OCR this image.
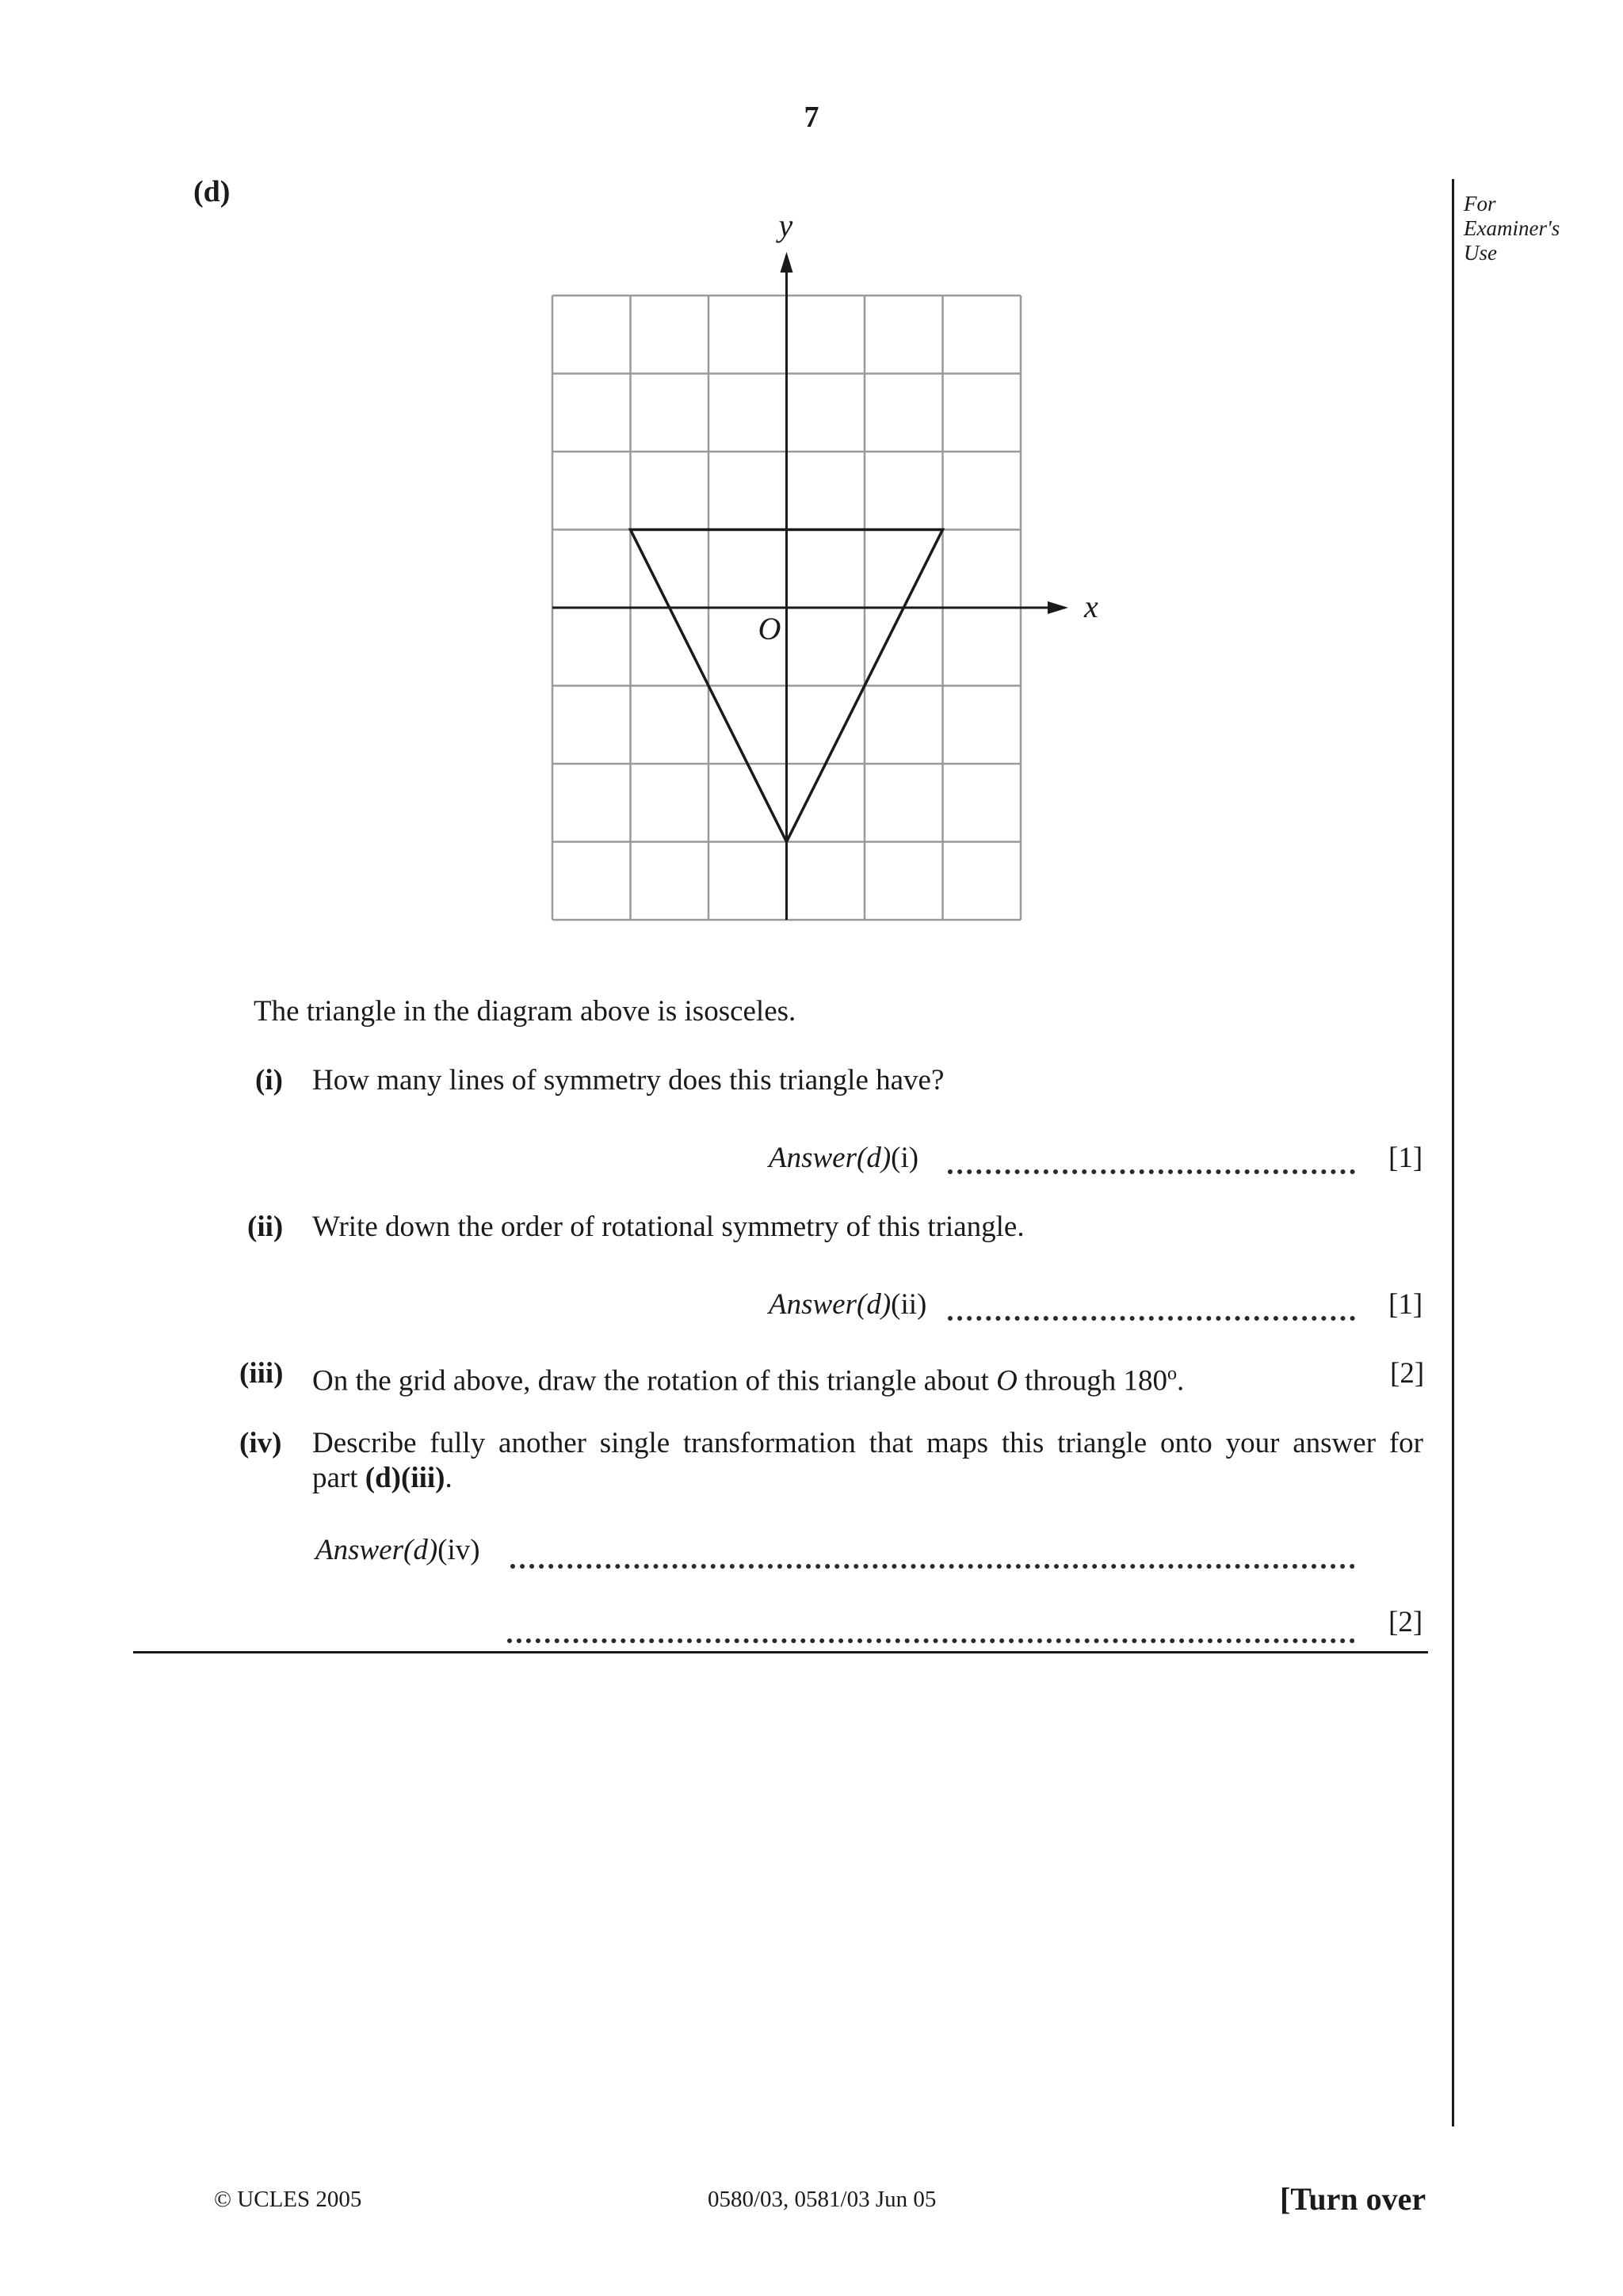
7
(d)	For
Examiner's
Use
x
y
O
The triangle in the diagram above is isosceles.
(i) How many lines of symmetry does this triangle have?
Answer(d)(i)	[1]
(ii) Write down the order of rotational symmetry of this triangle.
Answer(d)(ii)	[1]
(iii) On the grid above, draw the rotation of this triangle about O through 180$^o$.	[2]
(iv) Describe fully another single transformation that maps this triangle onto your answer for
part (d)(iii).
Answer(d)(iv)
[2]
© UCLES 2005	0580/03, 0581/03 Jun 05	[Turn over
